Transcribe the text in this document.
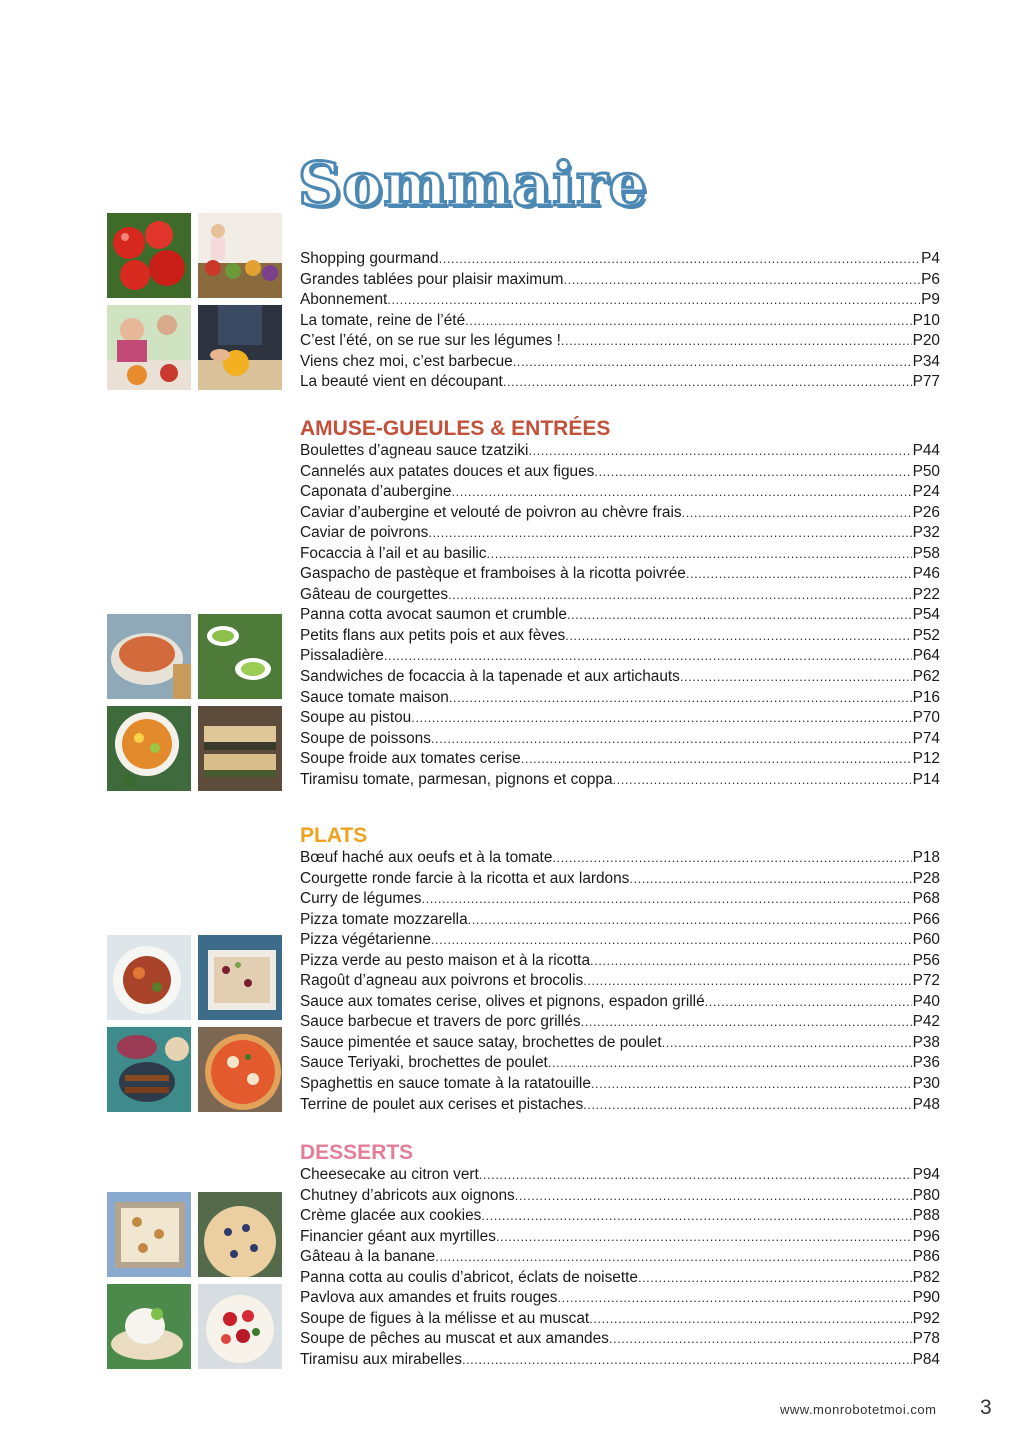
Sommaire
Shopping gourmand .....	P4
Grandes tablées pour plaisir maximum .....	P6
Abonnement .....	P9
La tomate, reine de l’été .....	P10
C’est l’été, on se rue sur les légumes ! .....	P20
Viens chez moi, c’est barbecue .....	P34
La beauté vient en découpant .....	P77
AMUSE-GUEULES & ENTRÉES
Boulettes d’agneau sauce tzatziki .....	P44
Cannelés aux patates douces et aux figues .....	P50
Caponata d’aubergine .....	P24
Caviar d’aubergine et velouté de poivron au chèvre frais .....	P26
Caviar de poivrons .....	P32
Focaccia à l’ail et au basilic .....	P58
Gaspacho de pastèque et framboises à la ricotta poivrée .....	P46
Gâteau de courgettes .....	P22
Panna cotta avocat saumon et crumble .....	P54
Petits flans aux petits pois et aux fèves .....	P52
Pissaladière .....	P64
Sandwiches de focaccia à la tapenade et aux artichauts .....	P62
Sauce tomate maison .....	P16
Soupe au pistou .....	P70
Soupe de poissons .....	P74
Soupe froide aux tomates cerise .....	P12
Tiramisu tomate, parmesan, pignons et coppa .....	P14
PLATS
Bœuf haché aux oeufs et à la tomate .....	P18
Courgette ronde farcie à la ricotta et aux lardons .....	P28
Curry de légumes .....	P68
Pizza tomate mozzarella .....	P66
Pizza végétarienne .....	P60
Pizza verde au pesto maison et à la ricotta .....	P56
Ragoût d’agneau aux poivrons et brocolis .....	P72
Sauce aux tomates cerise, olives et pignons, espadon grillé .....	P40
Sauce barbecue et travers de porc grillés .....	P42
Sauce pimentée et sauce satay, brochettes de poulet .....	P38
Sauce Teriyaki, brochettes de poulet .....	P36
Spaghettis en sauce tomate à la ratatouille .....	P30
Terrine de poulet aux cerises et pistaches .....	P48
DESSERTS
Cheesecake au citron vert .....	P94
Chutney d’abricots aux oignons .....	P80
Crème glacée aux cookies .....	P88
Financier géant aux myrtilles .....	P96
Gâteau à la banane .....	P86
Panna cotta au coulis d’abricot, éclats de noisette .....	P82
Pavlova aux amandes et fruits rouges .....	P90
Soupe de figues à la mélisse et au muscat .....	P92
Soupe de pêches au muscat et aux amandes .....	P78
Tiramisu aux mirabelles .....	P84
www.monrobotetmoi.com 3
